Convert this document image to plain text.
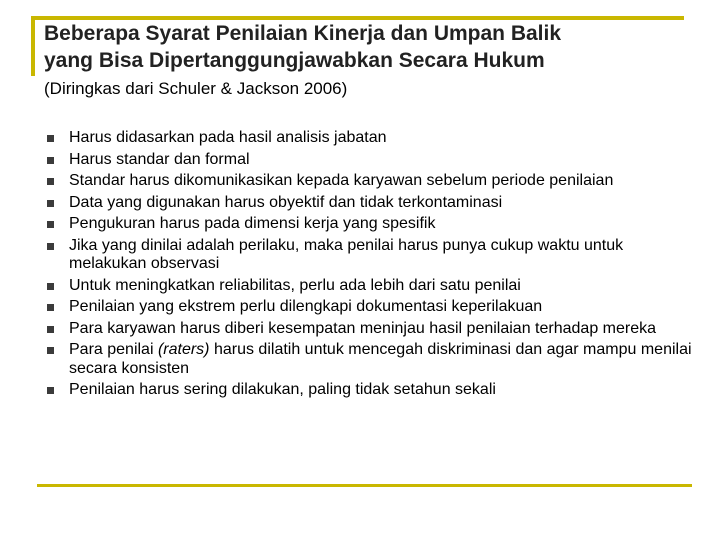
Beberapa Syarat Penilaian Kinerja dan Umpan Balik
yang Bisa Dipertanggungjawabkan Secara Hukum
(Diringkas dari Schuler & Jackson 2006)
Harus didasarkan pada hasil analisis jabatan
Harus standar dan formal
Standar harus dikomunikasikan kepada karyawan sebelum periode penilaian
Data yang digunakan harus obyektif dan tidak terkontaminasi
Pengukuran harus pada dimensi kerja yang spesifik
Jika yang dinilai adalah perilaku, maka penilai harus punya cukup waktu untuk melakukan observasi
Untuk meningkatkan reliabilitas, perlu ada lebih dari satu penilai
Penilaian yang ekstrem perlu dilengkapi dokumentasi keperilakuan
Para karyawan harus diberi kesempatan meninjau hasil penilaian terhadap mereka
Para penilai (raters) harus dilatih untuk mencegah diskriminasi dan agar mampu menilai secara konsisten
Penilaian harus sering dilakukan, paling tidak setahun sekali
